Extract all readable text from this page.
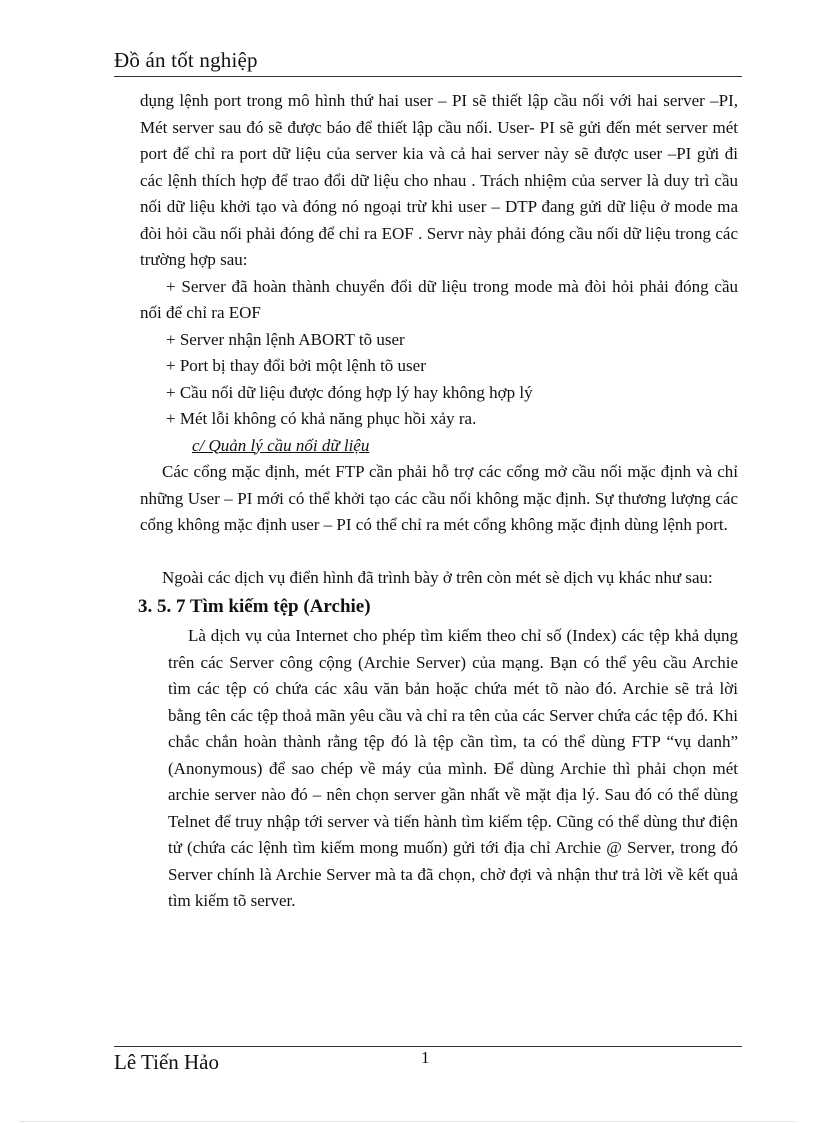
Đồ án tốt nghiệp

dụng lệnh port trong mô hình thứ hai user – PI sẽ thiết lập cầu nối với hai server –PI, Mét server sau đó sẽ được báo để thiết lập cầu nối. User- PI sẽ gửi đến mét server mét port để chỉ ra port dữ liệu của server kia và cả hai server này sẽ được user –PI gửi đi các lệnh thích hợp để trao đổi dữ liệu cho nhau . Trách nhiệm của server là duy trì cầu nối dữ liệu khởi tạo và đóng nó ngoại trừ khi user – DTP đang gửi dữ liệu ở mode ma đòi hỏi cầu nối phải đóng để chỉ ra EOF . Servr này phải đóng cầu nối dữ liệu trong các trường hợp sau:

+ Server đã hoàn thành chuyển đổi dữ liệu trong mode mà đòi hỏi phải đóng cầu nối để chỉ ra EOF

+ Server nhận lệnh ABORT tõ user

+ Port bị thay đổi bởi một lệnh tõ user

+ Cầu nối dữ liệu được đóng hợp lý hay không hợp lý

+ Mét lỗi không có khả năng phục hồi xảy ra.

c/ Quản lý cầu nối dữ liệu

Các cổng mặc định, mét FTP cần phải hỗ trợ các cổng mở cầu nối mặc định và chỉ những User – PI mới có thể khởi tạo các cầu nối không mặc định. Sự thương lượng các cổng không mặc định user – PI có thể chỉ ra mét cổng không mặc định dùng lệnh port.

Ngoài các dịch vụ điển hình đã trình bày ở trên còn mét sè dịch vụ khác như sau:

3. 5. 7 Tìm kiếm tệp (Archie)

Là dịch vụ của Internet cho phép tìm kiếm theo chỉ số (Index) các tệp khả dụng trên các Server công cộng (Archie Server) của mạng. Bạn có thể yêu cầu Archie tìm các tệp có chứa các xâu văn bản hoặc chứa mét tõ nào đó. Archie sẽ trả lời bằng tên các tệp thoả mãn yêu cầu và chỉ ra tên của các Server chứa các tệp đó. Khi chắc chắn hoàn thành rằng tệp đó là tệp cần tìm, ta có thể dùng FTP “vụ danh” (Anonymous) để sao chép về máy của mình. Để dùng Archie thì phải chọn mét archie server nào đó – nên chọn server gần nhất về mặt địa lý. Sau đó có thể dùng Telnet để truy nhập tới server và tiến hành tìm kiếm tệp. Cũng có thể dùng thư điện tử (chứa các lệnh tìm kiếm mong muốn) gửi tới địa chỉ Archie @ Server, trong đó Server chính là Archie Server mà ta đã chọn, chờ đợi và nhận thư trả lời về kết quả tìm kiếm tõ server.

Lê Tiến Hảo	1
